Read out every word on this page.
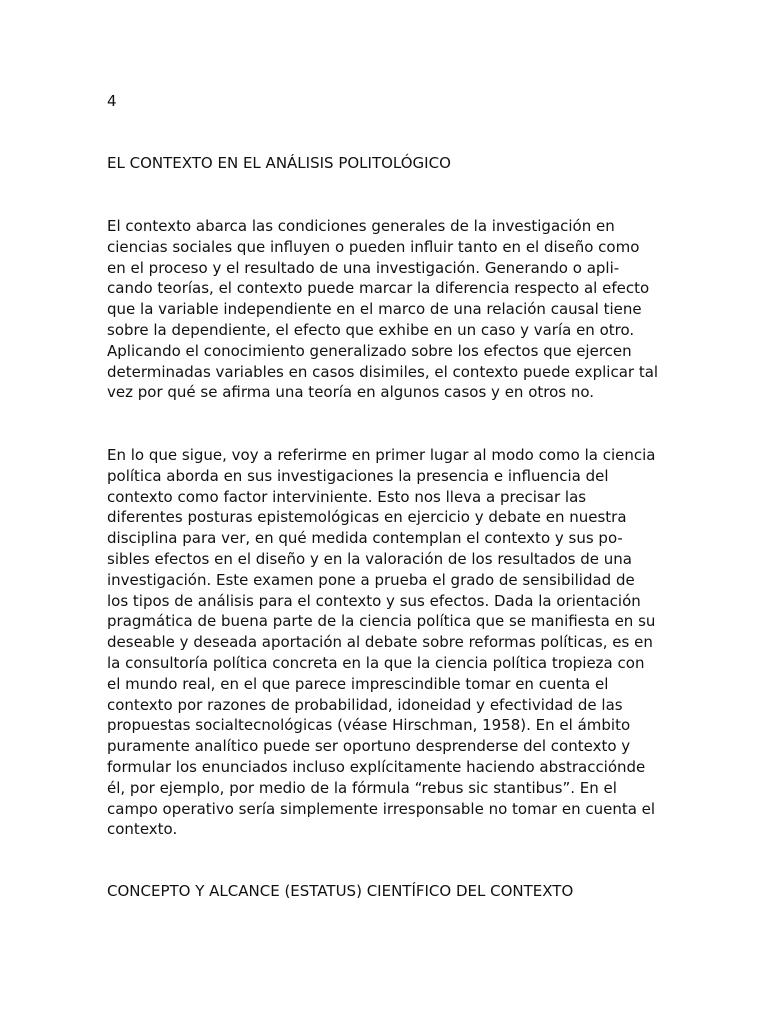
4

EL CONTEXTO EN EL ANÁLISIS POLITOLÓGICO

El contexto abarca las condiciones generales de la investigación en
ciencias sociales que influyen o pueden influir tanto en el diseño como
en el proceso y el resultado de una investigación. Generando o apli-
cando teorías, el contexto puede marcar la diferencia respecto al efecto
que la variable independiente en el marco de una relación causal tiene
sobre la dependiente, el efecto que exhibe en un caso y varía en otro.
Aplicando el conocimiento generalizado sobre los efectos que ejercen
determinadas variables en casos disimiles, el contexto puede explicar tal
vez por qué se afirma una teoría en algunos casos y en otros no.

En lo que sigue, voy a referirme en primer lugar al modo como la ciencia
política aborda en sus investigaciones la presencia e influencia del
contexto como factor interviniente. Esto nos lleva a precisar las
diferentes posturas epistemológicas en ejercicio y debate en nuestra
disciplina para ver, en qué medida contemplan el contexto y sus po-
sibles efectos en el diseño y en la valoración de los resultados de una
investigación. Este examen pone a prueba el grado de sensibilidad de
los tipos de análisis para el contexto y sus efectos. Dada la orientación
pragmática de buena parte de la ciencia política que se manifiesta en su
deseable y deseada aportación al debate sobre reformas políticas, es en
la consultoría política concreta en la que la ciencia política tropieza con
el mundo real, en el que parece imprescindible tomar en cuenta el
contexto por razones de probabilidad, idoneidad y efectividad de las
propuestas socialtecnológicas (véase Hirschman, 1958). En el ámbito
puramente analítico puede ser oportuno desprenderse del contexto y
formular los enunciados incluso explícitamente haciendo abstracciónde
él, por ejemplo, por medio de la fórmula “rebus sic stantibus”. En el
campo operativo sería simplemente irresponsable no tomar en cuenta el
contexto.

CONCEPTO Y ALCANCE (ESTATUS) CIENTÍFICO DEL CONTEXTO
